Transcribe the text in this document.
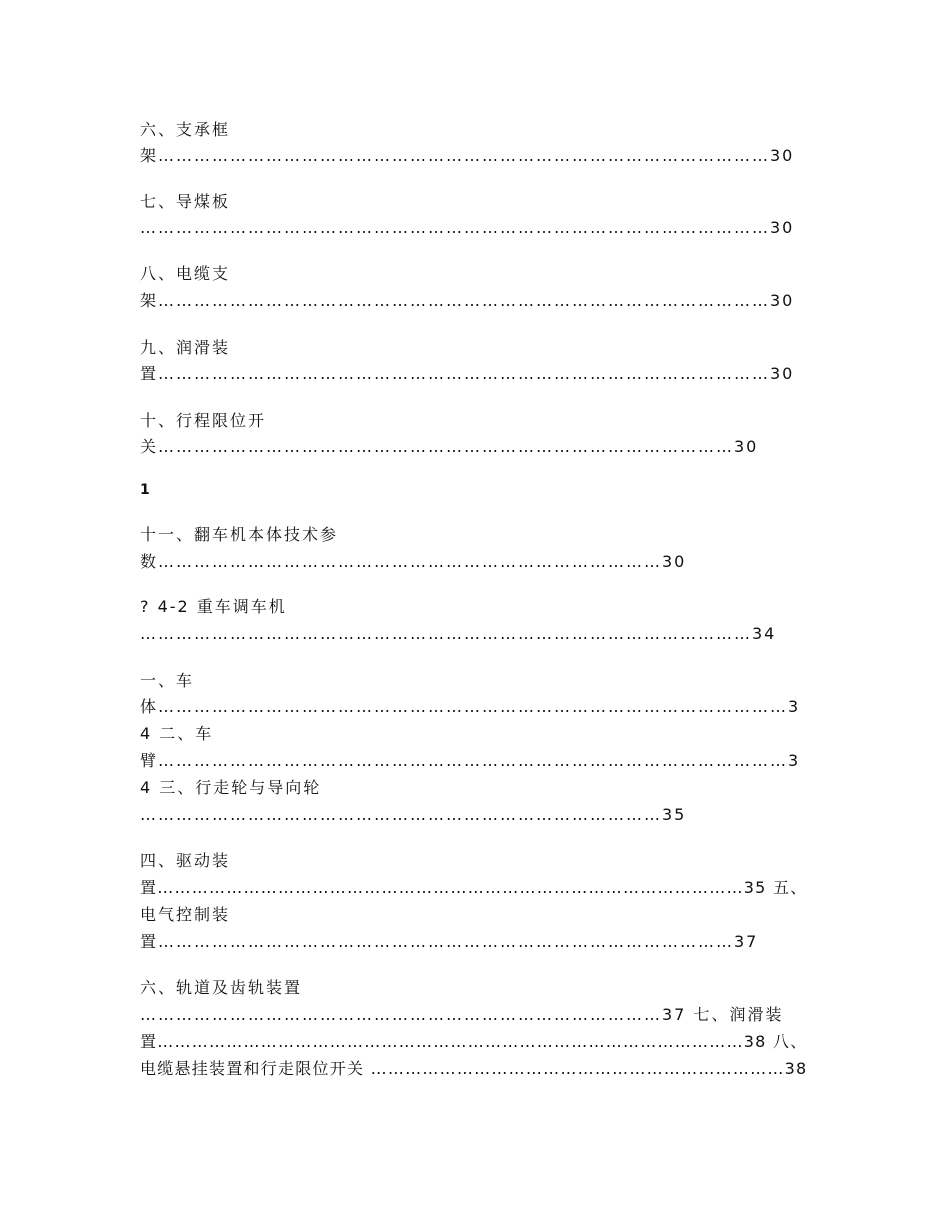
六、支承框
架…………………………………………………………………………………………30
七、导煤板
……………………………………………………………………………………………30
八、电缆支
架…………………………………………………………………………………………30
九、润滑装
置…………………………………………………………………………………………30
十、行程限位开
关……………………………………………………………………………………30
1
十一、翻车机本体技术参
数…………………………………………………………………………30
? 4-2 重车调车机
…………………………………………………………………………………………34
一、车
体……………………………………………………………………………………………3
4 二、车
臂……………………………………………………………………………………………3
4 三、行走轮与导向轮
……………………………………………………………………………35
四、驱动装
置…………………………………………………………………………………………35 五、
电气控制装
置……………………………………………………………………………………37
六、轨道及齿轨装置
……………………………………………………………………………37 七、润滑装
置…………………………………………………………………………………………38 八、
电缆悬挂装置和行走限位开关 ………………………………………………………………38
